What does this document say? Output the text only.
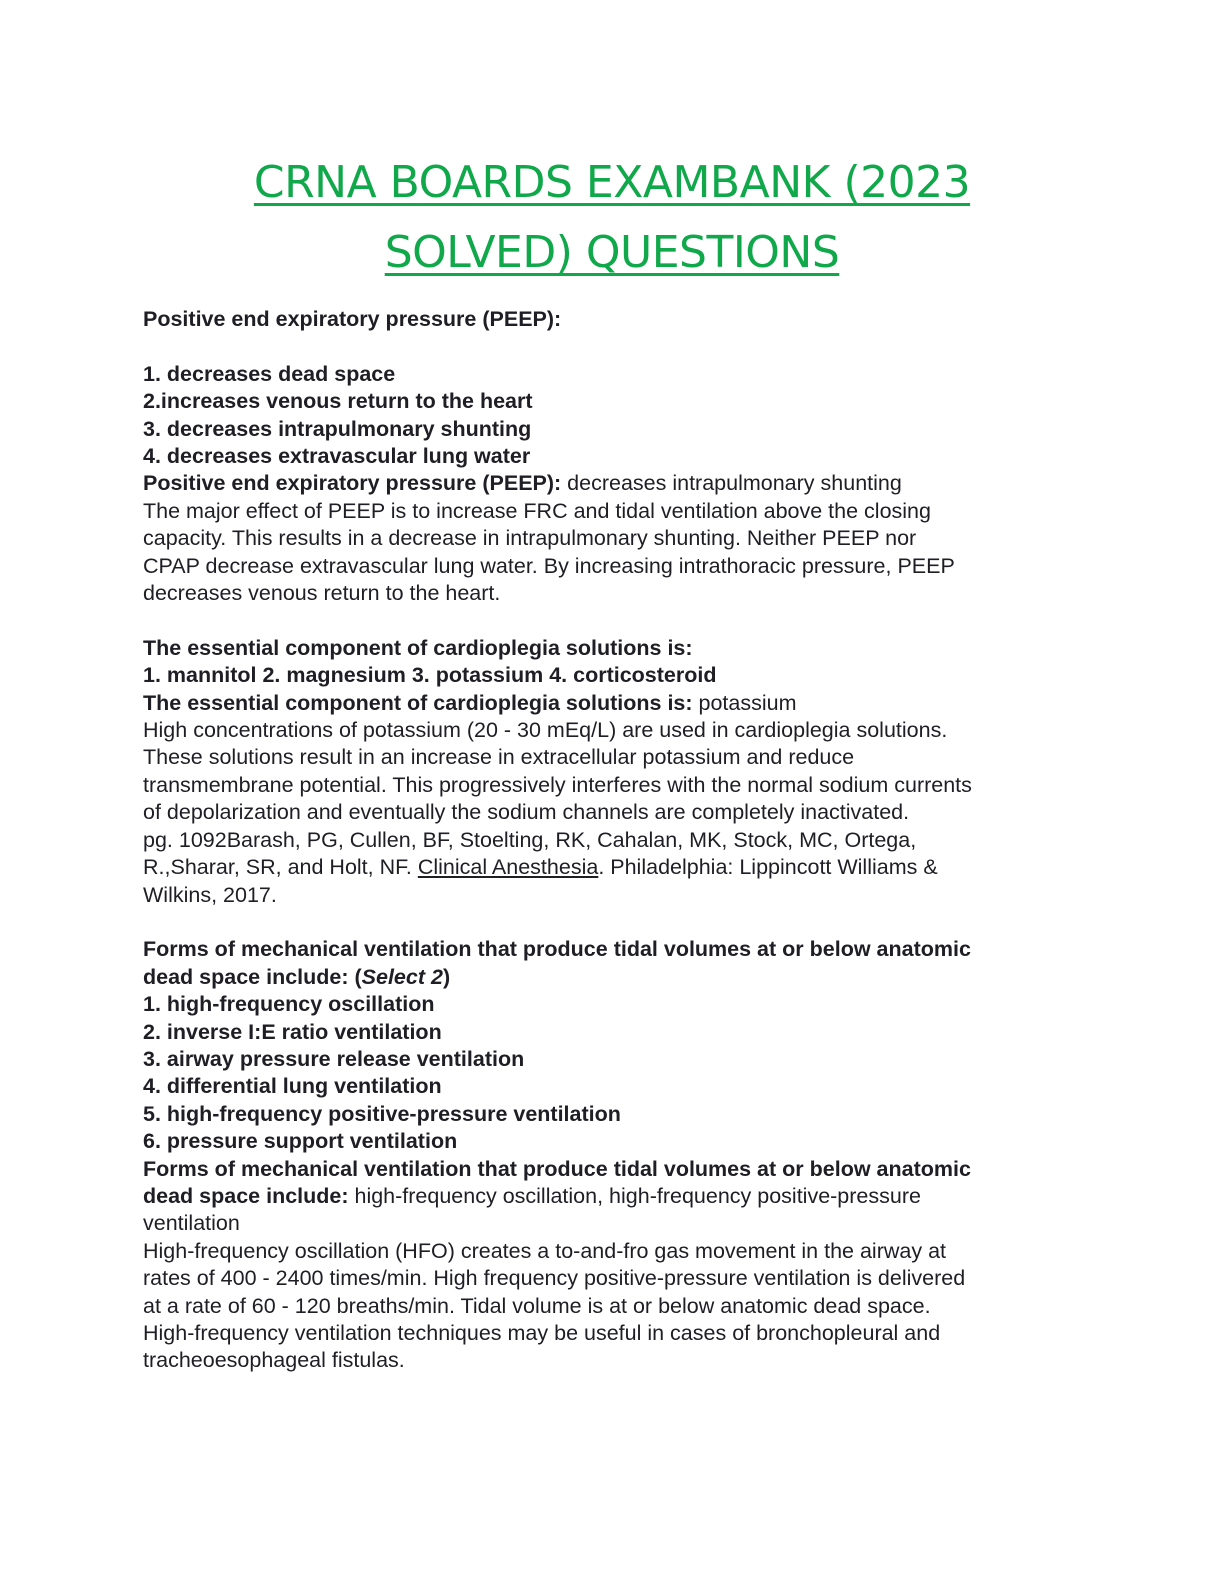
CRNA BOARDS EXAMBANK (2023
SOLVED) QUESTIONS
Positive end expiratory pressure (PEEP):
1. decreases dead space
2.increases venous return to the heart
3. decreases intrapulmonary shunting
4. decreases extravascular lung water
Positive end expiratory pressure (PEEP): decreases intrapulmonary shunting
The major effect of PEEP is to increase FRC and tidal ventilation above the closing
capacity. This results in a decrease in intrapulmonary shunting. Neither PEEP nor
CPAP decrease extravascular lung water. By increasing intrathoracic pressure, PEEP
decreases venous return to the heart.
The essential component of cardioplegia solutions is:
1. mannitol 2. magnesium 3. potassium 4. corticosteroid
The essential component of cardioplegia solutions is: potassium
High concentrations of potassium (20 - 30 mEq/L) are used in cardioplegia solutions.
These solutions result in an increase in extracellular potassium and reduce
transmembrane potential. This progressively interferes with the normal sodium currents
of depolarization and eventually the sodium channels are completely inactivated.
pg. 1092Barash, PG, Cullen, BF, Stoelting, RK, Cahalan, MK, Stock, MC, Ortega,
R.,Sharar, SR, and Holt, NF. Clinical Anesthesia. Philadelphia: Lippincott Williams &
Wilkins, 2017.
Forms of mechanical ventilation that produce tidal volumes at or below anatomic
dead space include: (Select 2)
1. high-frequency oscillation
2. inverse I:E ratio ventilation
3. airway pressure release ventilation
4. differential lung ventilation
5. high-frequency positive-pressure ventilation
6. pressure support ventilation
Forms of mechanical ventilation that produce tidal volumes at or below anatomic
dead space include: high-frequency oscillation, high-frequency positive-pressure
ventilation
High-frequency oscillation (HFO) creates a to-and-fro gas movement in the airway at
rates of 400 - 2400 times/min. High frequency positive-pressure ventilation is delivered
at a rate of 60 - 120 breaths/min. Tidal volume is at or below anatomic dead space.
High-frequency ventilation techniques may be useful in cases of bronchopleural and
tracheoesophageal fistulas.
